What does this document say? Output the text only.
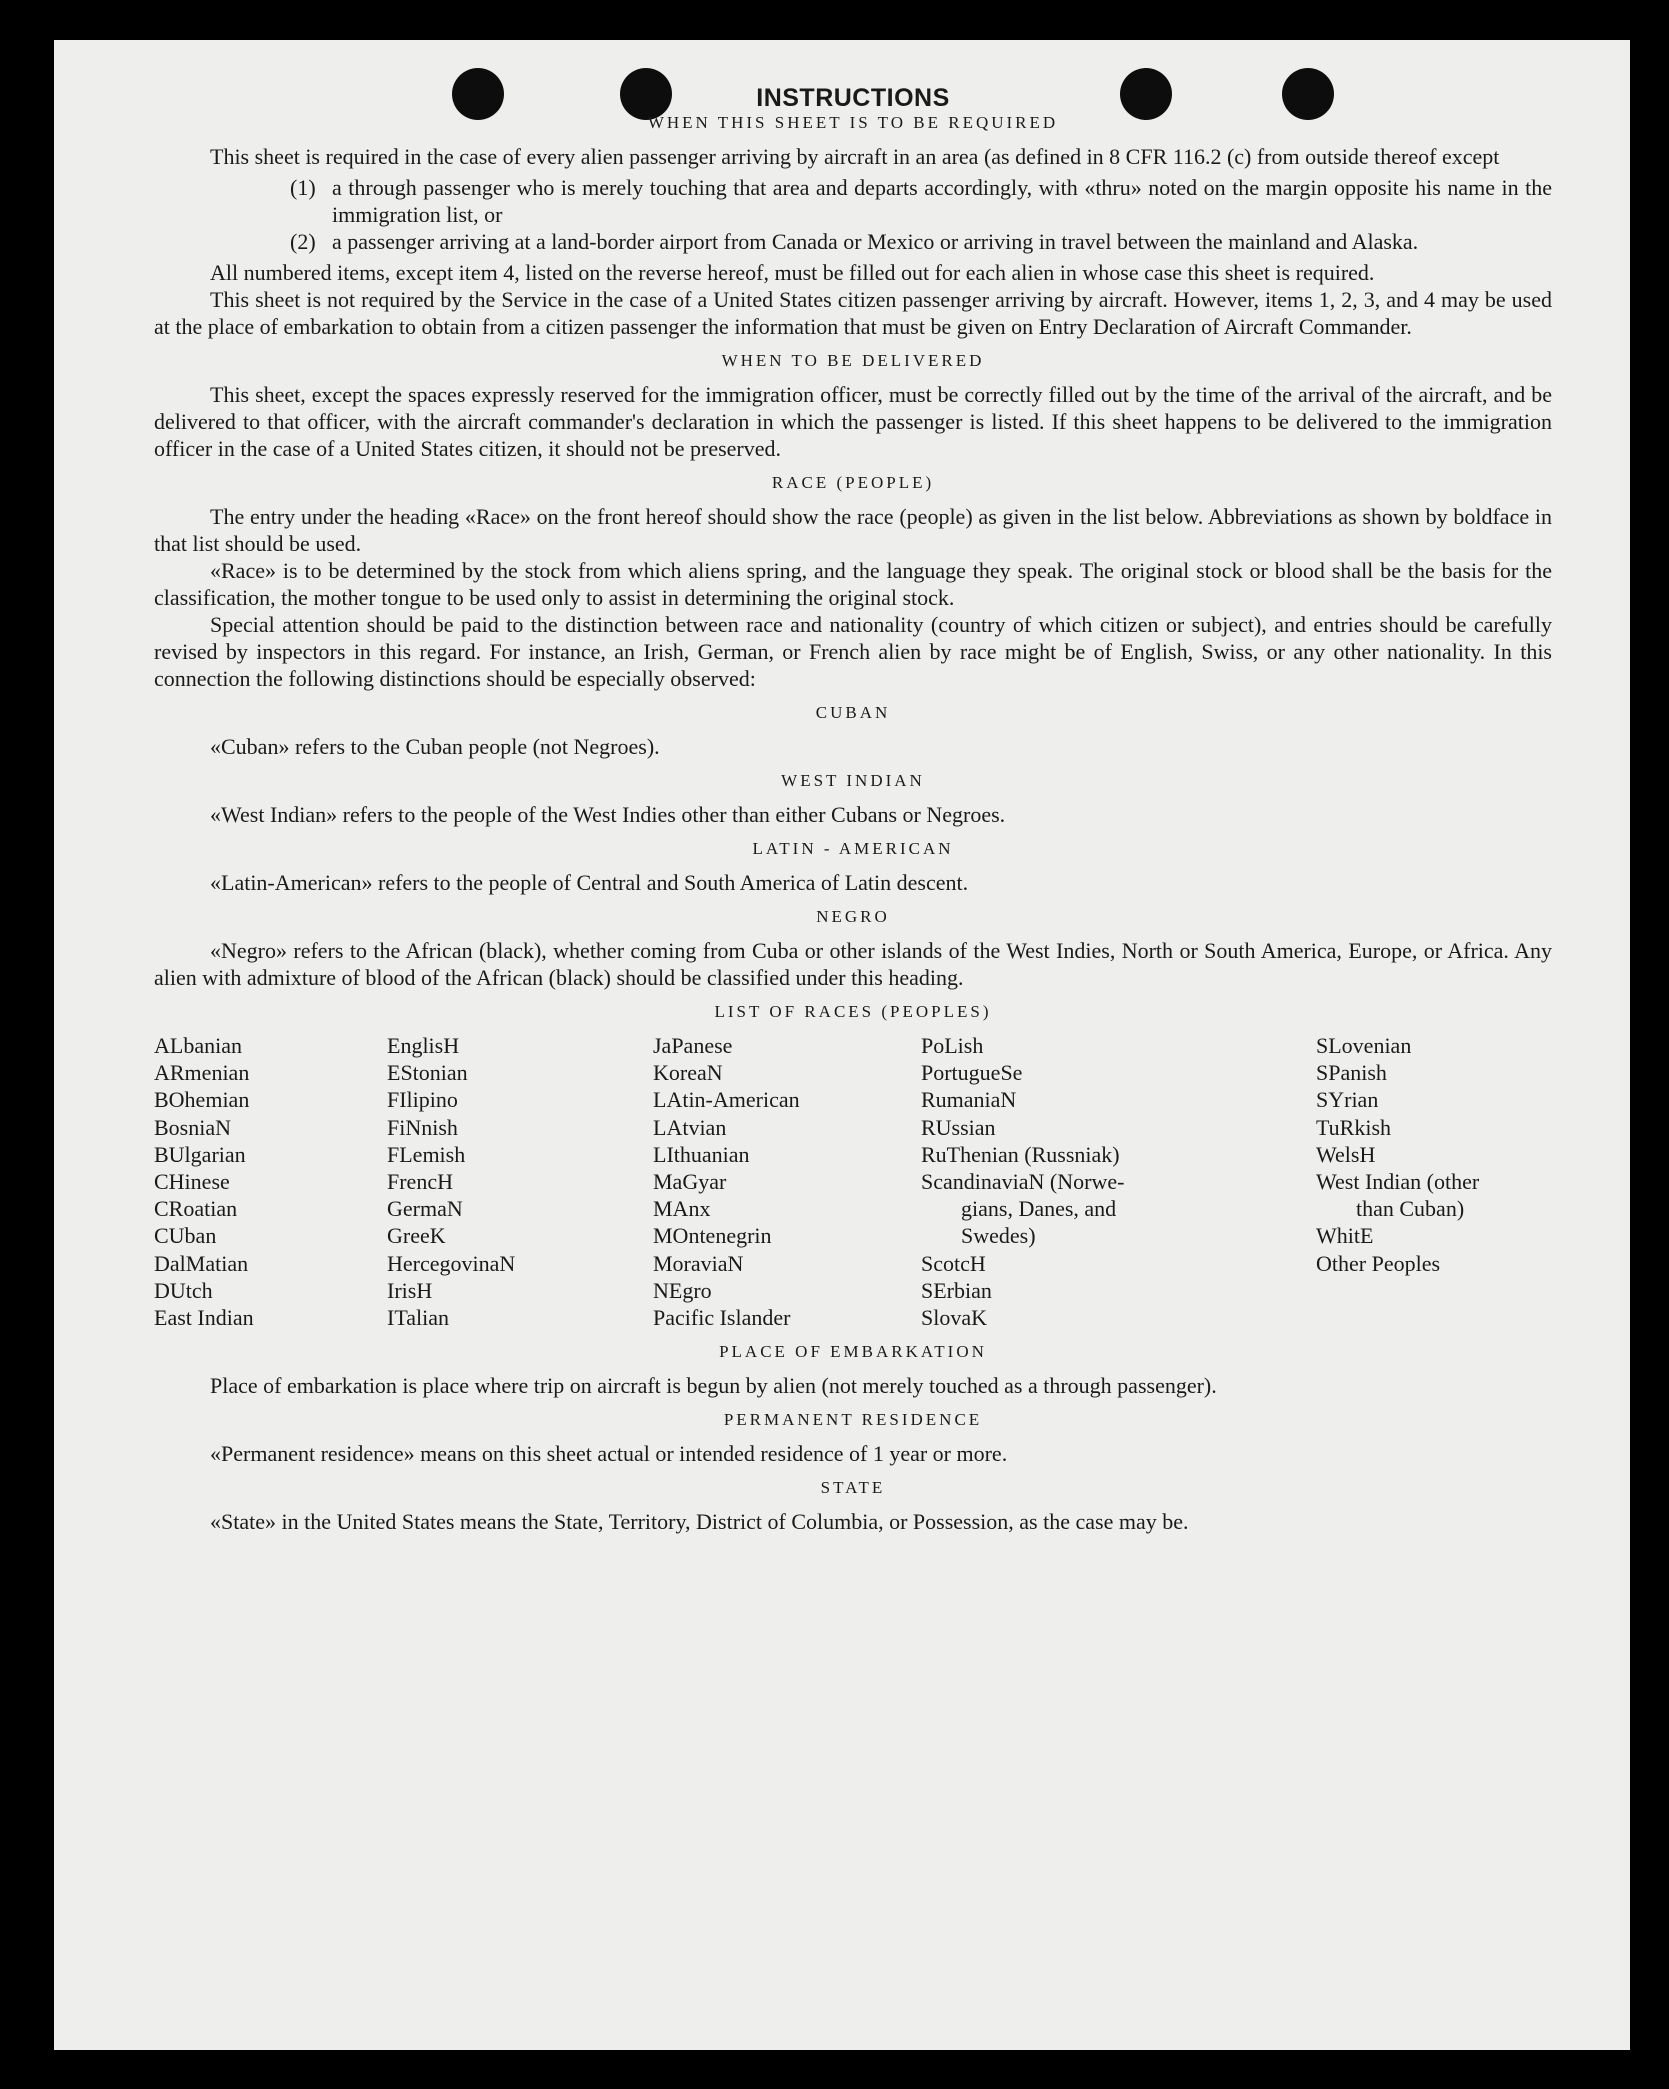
INSTRUCTIONS
WHEN THIS SHEET IS TO BE REQUIRED

This sheet is required in the case of every alien passenger arriving by aircraft in an area (as defined in 8 CFR 116.2 (c) from outside thereof except

(1) a through passenger who is merely touching that area and departs accordingly, with «thru» noted on the margin opposite his name in the immigration list, or
(2) a passenger arriving at a land-border airport from Canada or Mexico or arriving in travel between the mainland and Alaska.

All numbered items, except item 4, listed on the reverse hereof, must be filled out for each alien in whose case this sheet is required.

This sheet is not required by the Service in the case of a United States citizen passenger arriving by aircraft. However, items 1, 2, 3, and 4 may be used at the place of embarkation to obtain from a citizen passenger the information that must be given on Entry Declaration of Aircraft Commander.

WHEN TO BE DELIVERED

This sheet, except the spaces expressly reserved for the immigration officer, must be correctly filled out by the time of the arrival of the aircraft, and be delivered to that officer, with the aircraft commander's declaration in which the passenger is listed. If this sheet happens to be delivered to the immigration officer in the case of a United States citizen, it should not be preserved.

RACE (PEOPLE)

The entry under the heading «Race» on the front hereof should show the race (people) as given in the list below. Abbreviations as shown by boldface in that list should be used.

«Race» is to be determined by the stock from which aliens spring, and the language they speak. The original stock or blood shall be the basis for the classification, the mother tongue to be used only to assist in determining the original stock.

Special attention should be paid to the distinction between race and nationality (country of which citizen or subject), and entries should be carefully revised by inspectors in this regard. For instance, an Irish, German, or French alien by race might be of English, Swiss, or any other nationality. In this connection the following distinctions should be especially observed:

CUBAN

«Cuban» refers to the Cuban people (not Negroes).

WEST INDIAN

«West Indian» refers to the people of the West Indies other than either Cubans or Negroes.

LATIN - AMERICAN

«Latin-American» refers to the people of Central and South America of Latin descent.

NEGRO

«Negro» refers to the African (black), whether coming from Cuba or other islands of the West Indies, North or South America, Europe, or Africa. Any alien with admixture of blood of the African (black) should be classified under this heading.

LIST OF RACES (PEOPLES)
ALbanian
ARmenian
BOhemian
BosniaN
BUlgarian
CHinese
CRoatian
CUban
DalMatian
DUtch
East Indian
EnglisH
EStonian
FIlipino
FiNnish
FLemish
FrencH
GermaN
GreeK
HercegovinaN
IrisH
ITalian
JaPanese
KoreaN
LAtin-American
LAtvian
LIthuanian
MaGyar
MAnx
MOntenegrin
MoraviaN
NEgro
Pacific Islander
PoLish
PortugueSe
RumaniaN
RUssian
RuThenian (Russniak)
ScandinaviaN (Norwe-
gians, Danes, and
Swedes)
ScotcH
SErbian
SlovaK
SLovenian
SPanish
SYrian
TuRkish
WelsH
West Indian (other
than Cuban)
WhitE
Other Peoples
PLACE OF EMBARKATION

Place of embarkation is place where trip on aircraft is begun by alien (not merely touched as a through passenger).

PERMANENT RESIDENCE

«Permanent residence» means on this sheet actual or intended residence of 1 year or more.

STATE

«State» in the United States means the State, Territory, District of Columbia, or Possession, as the case may be.
